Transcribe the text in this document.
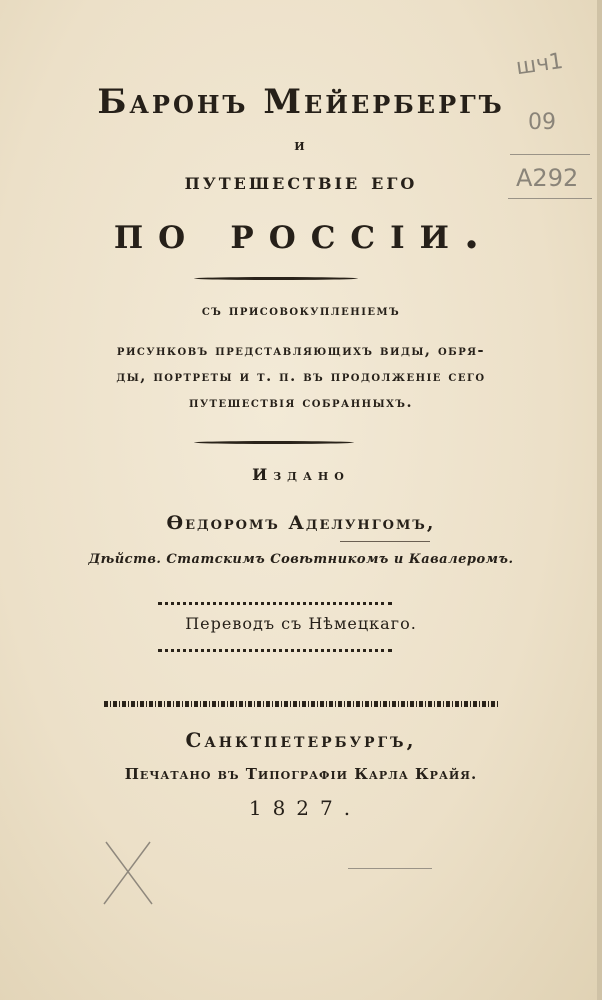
Баронъ Мейербергъ
и
путешествіе его
по россіи.
съ присовокупленіемъ
рисунковъ представляющихъ виды, обря-
ды, портреты и т. п. въ продолженіе сего
путешествія собранныхъ.
Издано
Ѳедоромъ Аделунгомъ,
Дѣйств. Статскимъ Совѣтникомъ и Кавалеромъ.
Переводъ съ Нѣмецкаго.
Санктпетербургъ,
Печатано въ Типографіи Карла Крайя.
1827.
шч1
09
А292
